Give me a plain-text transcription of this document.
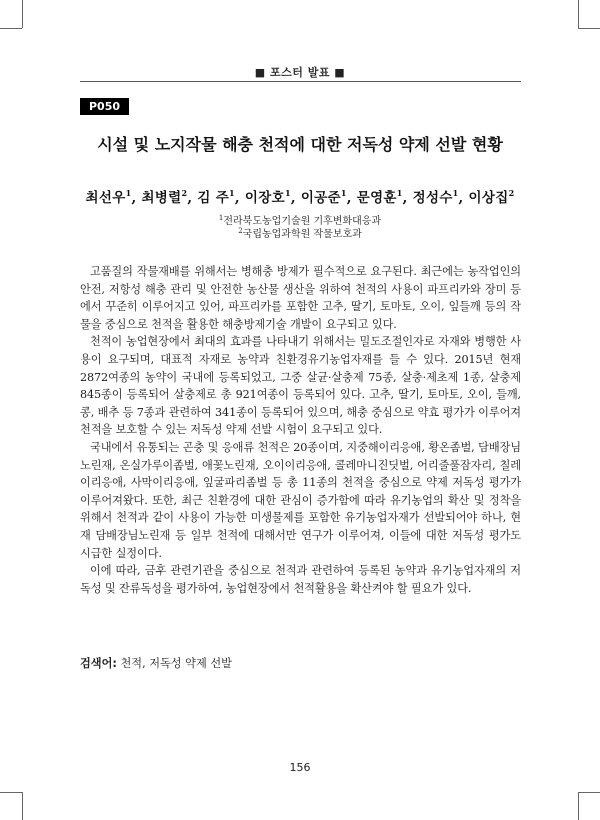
■ 포스터 발표 ■
P050
시설 및 노지작물 해충 천적에 대한 저독성 약제 선발 현황
최선우$^1$, 최병렬$^2$, 김 주$^1$, 이장호$^1$, 이공준$^1$, 문영훈$^1$, 정성수$^1$, 이상집$^2$
$^1$전라북도농업기술원 기후변화대응과
$^2$국립농업과학원 작물보호과

고품질의 작물재배를 위해서는 병해충 방제가 필수적으로 요구된다. 최근에는 농작업인의 안전, 저항성 해충 관리 및 안전한 농산물 생산을 위하여 천적의 사용이 파프리카와 장미 등에서 꾸준히 이루어지고 있어, 파프리카를 포함한 고추, 딸기, 토마토, 오이, 잎들깨 등의 작물을 중심으로 천적을 활용한 해충방제기술 개발이 요구되고 있다.

천적이 농업현장에서 최대의 효과를 나타내기 위해서는 밀도조절인자로 자재와 병행한 사용이 요구되며, 대표적 자재로 농약과 친환경유기농업자재를 들 수 있다. 2015년 현재 2872여종의 농약이 국내에 등록되었고, 그중 살균·살충제 75종, 살충·제초제 1종, 살충제 845종이 등록되어 살충제로 총 921여종이 등록되어 있다. 고추, 딸기, 토마토, 오이, 들깨, 콩, 배추 등 7종과 관련하여 341종이 등록되어 있으며, 해충 중심으로 약효 평가가 이루어져 천적을 보호할 수 있는 저독성 약제 선발 시험이 요구되고 있다.

국내에서 유통되는 곤충 및 응애류 천적은 20종이며, 지중해이리응애, 황온좀벌, 담배장님노린재, 온실가루이좀벌, 애꽃노린재, 오이이리응애, 콜레마니진딧벌, 어리줄풀잠자리, 칠레이리응애, 사막이리응애, 잎굴파리좀벌 등 총 11종의 천적을 중심으로 약제 저독성 평가가 이루어져왔다. 또한, 최근 친환경에 대한 관심이 증가함에 따라 유기농업의 확산 및 정착을 위해서 천적과 같이 사용이 가능한 미생물제를 포함한 유기농업자재가 선발되어야 하나, 현재 담배장님노린재 등 일부 천적에 대해서만 연구가 이루어져, 이들에 대한 저독성 평가도 시급한 실정이다.

이에 따라, 금후 관련기관을 중심으로 천적과 관련하여 등록된 농약과 유기농업자재의 저독성 및 잔류독성을 평가하여, 농업현장에서 천적활용을 확산켜야 할 필요가 있다.

검색어: 천적, 저독성 약제 선발
156
